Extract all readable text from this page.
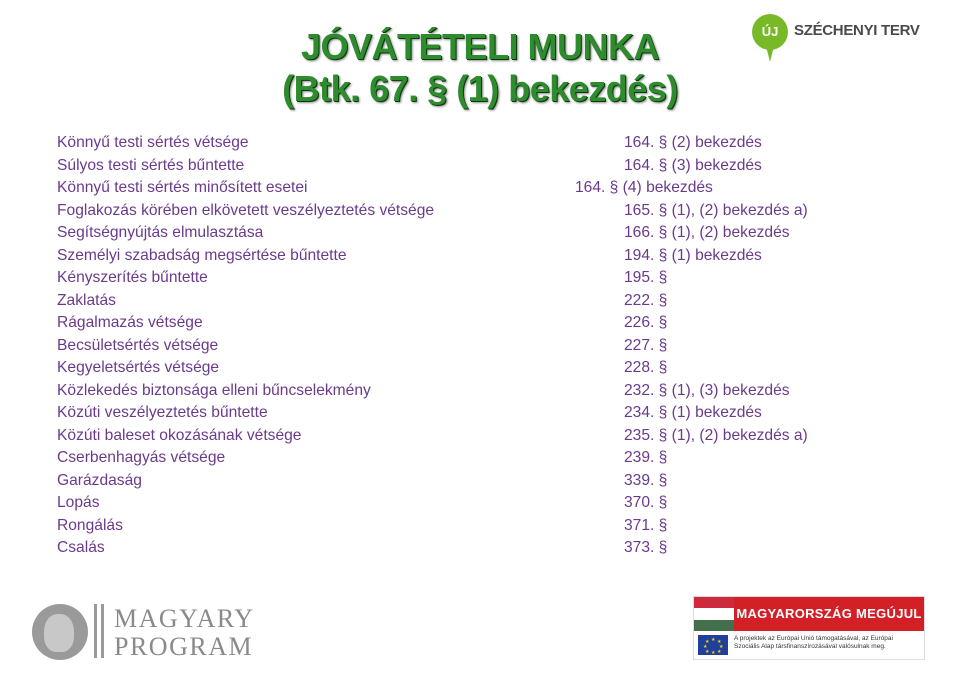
ÚJ	SZÉCHENYI TERV
JÓVÁTÉTELI MUNKA
(Btk. 67. § (1) bekezdés)
Könnyű testi sértés vétsége	164. § (2) bekezdés
Súlyos testi sértés bűntette	164. § (3) bekezdés
Könnyű testi sértés minősített esetei	164. § (4) bekezdés
Foglakozás körében elkövetett veszélyeztetés vétsége	165. § (1), (2) bekezdés a)
Segítségnyújtás elmulasztása	166. § (1), (2) bekezdés
Személyi szabadság megsértése bűntette	194. § (1) bekezdés
Kényszerítés bűntette	195. §
Zaklatás	222. §
Rágalmazás vétsége	226. §
Becsületsértés vétsége	227. §
Kegyeletsértés vétsége	228. §
Közlekedés biztonsága elleni bűncselekmény	232. § (1), (3) bekezdés
Közúti veszélyeztetés bűntette	234. § (1) bekezdés
Közúti baleset okozásának vétsége	235. § (1), (2) bekezdés a)
Cserbenhagyás vétsége	239. §
Garázdaság	339. §
Lopás	370. §
Rongálás	371. §
Csalás	373. §
MAGYARY
PROGRAM
MAGYARORSZÁG MEGÚJUL
★ ★
★
★
★
★
★
★	A projektek az Európai Unió támogatásával, az Európai Szociális Alap társfinanszírozásával valósulnak meg.
